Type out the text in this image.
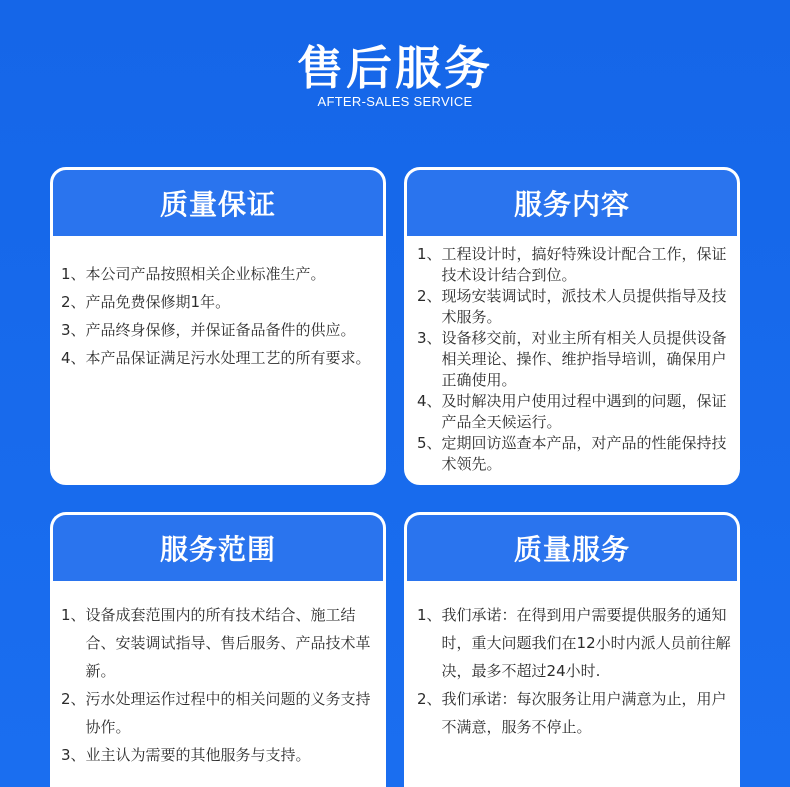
售后服务
AFTER-SALES SERVICE
质量保证
1、 本公司产品按照相关企业标准生产。
2、 产品免费保修期1年。
3、 产品终身保修，并保证备品备件的供应。
4、 本产品保证满足污水处理工艺的所有要求。
服务内容
1、 工程设计时，搞好特殊设计配合工作，保证技术设计结合到位。
2、 现场安装调试时，派技术人员提供指导及技术服务。
3、 设备移交前，对业主所有相关人员提供设备相关理论、操作、维护指导培训，确保用户正确使用。
4、 及时解决用户使用过程中遇到的问题，保证产品全天候运行。
5、 定期回访巡查本产品，对产品的性能保持技术领先。
服务范围
1、 设备成套范围内的所有技术结合、施工结合、安装调试指导、售后服务、产品技术革新。
2、 污水处理运作过程中的相关问题的义务支持协作。
3、 业主认为需要的其他服务与支持。
质量服务
1、 我们承诺：在得到用户需要提供服务的通知时，重大问题我们在12小时内派人员前往解决，最多不超过24小时.
2、 我们承诺：每次服务让用户满意为止，用户不满意，服务不停止。
